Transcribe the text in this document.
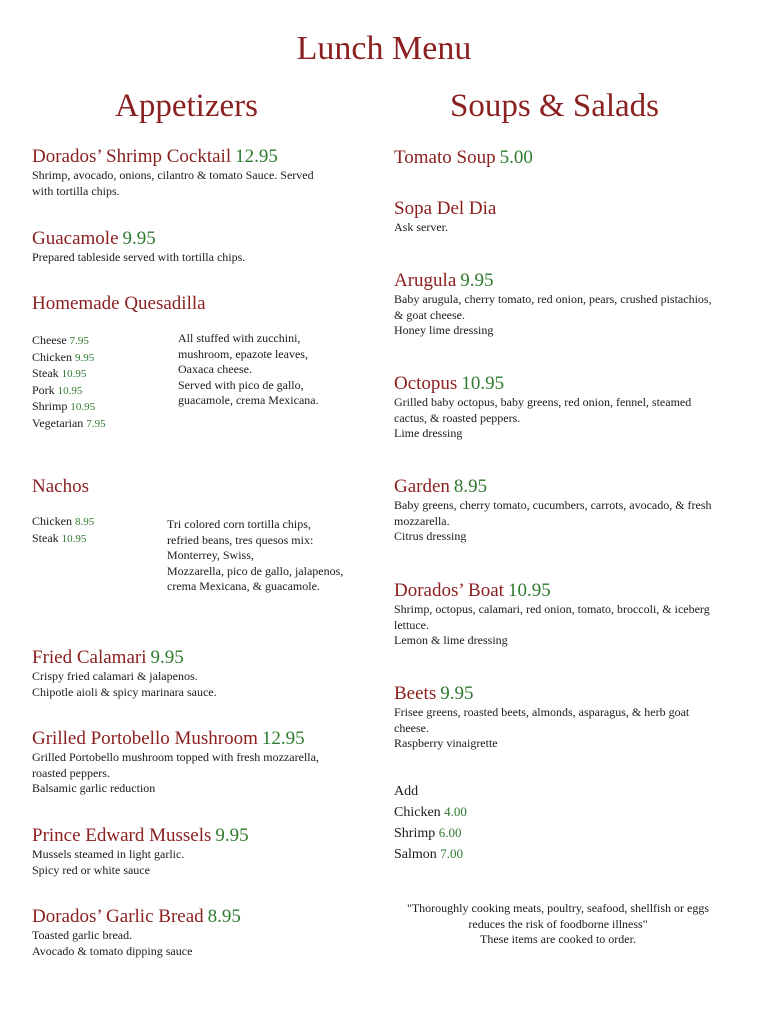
Lunch Menu
Appetizers
Dorados’ Shrimp Cocktail 12.95
Shrimp, avocado, onions, cilantro & tomato Sauce. Served
with tortilla chips.
Guacamole 9.95
Prepared tableside served with tortilla chips.
Homemade Quesadilla
Cheese 7.95
Chicken 9.95
Steak 10.95
Pork 10.95
Shrimp 10.95
Vegetarian 7.95
All stuffed with zucchini,
mushroom, epazote leaves,
Oaxaca cheese.
Served with pico de gallo,
guacamole, crema Mexicana.
Nachos
Chicken 8.95
Steak 10.95
Tri colored corn tortilla chips,
refried beans, tres quesos mix:
Monterrey, Swiss,
Mozzarella, pico de gallo, jalapenos,
crema Mexicana, & guacamole.
Fried Calamari 9.95
Crispy fried calamari & jalapenos.
Chipotle aioli & spicy marinara sauce.
Grilled Portobello Mushroom 12.95
Grilled Portobello mushroom topped with fresh mozzarella,
roasted peppers.
Balsamic garlic reduction
Prince Edward Mussels 9.95
Mussels steamed in light garlic.
Spicy red or white sauce
Dorados’ Garlic Bread 8.95
Toasted garlic bread.
Avocado & tomato dipping sauce
Soups & Salads
Tomato Soup 5.00
Sopa Del Dia
Ask server.
Arugula 9.95
Baby arugula, cherry tomato, red onion, pears, crushed pistachios,
& goat cheese.
Honey lime dressing
Octopus 10.95
Grilled baby octopus, baby greens, red onion, fennel, steamed
cactus, & roasted peppers.
Lime dressing
Garden 8.95
Baby greens, cherry tomato, cucumbers, carrots, avocado, & fresh
mozzarella.
Citrus dressing
Dorados’ Boat 10.95
Shrimp, octopus, calamari, red onion, tomato, broccoli, & iceberg
lettuce.
Lemon & lime dressing
Beets 9.95
Frisee greens, roasted beets, almonds, asparagus, & herb goat
cheese.
Raspberry vinaigrette
Add
Chicken 4.00
Shrimp 6.00
Salmon 7.00
"Thoroughly cooking meats, poultry, seafood, shellfish or eggs
reduces the risk of foodborne illness"
These items are cooked to order.
